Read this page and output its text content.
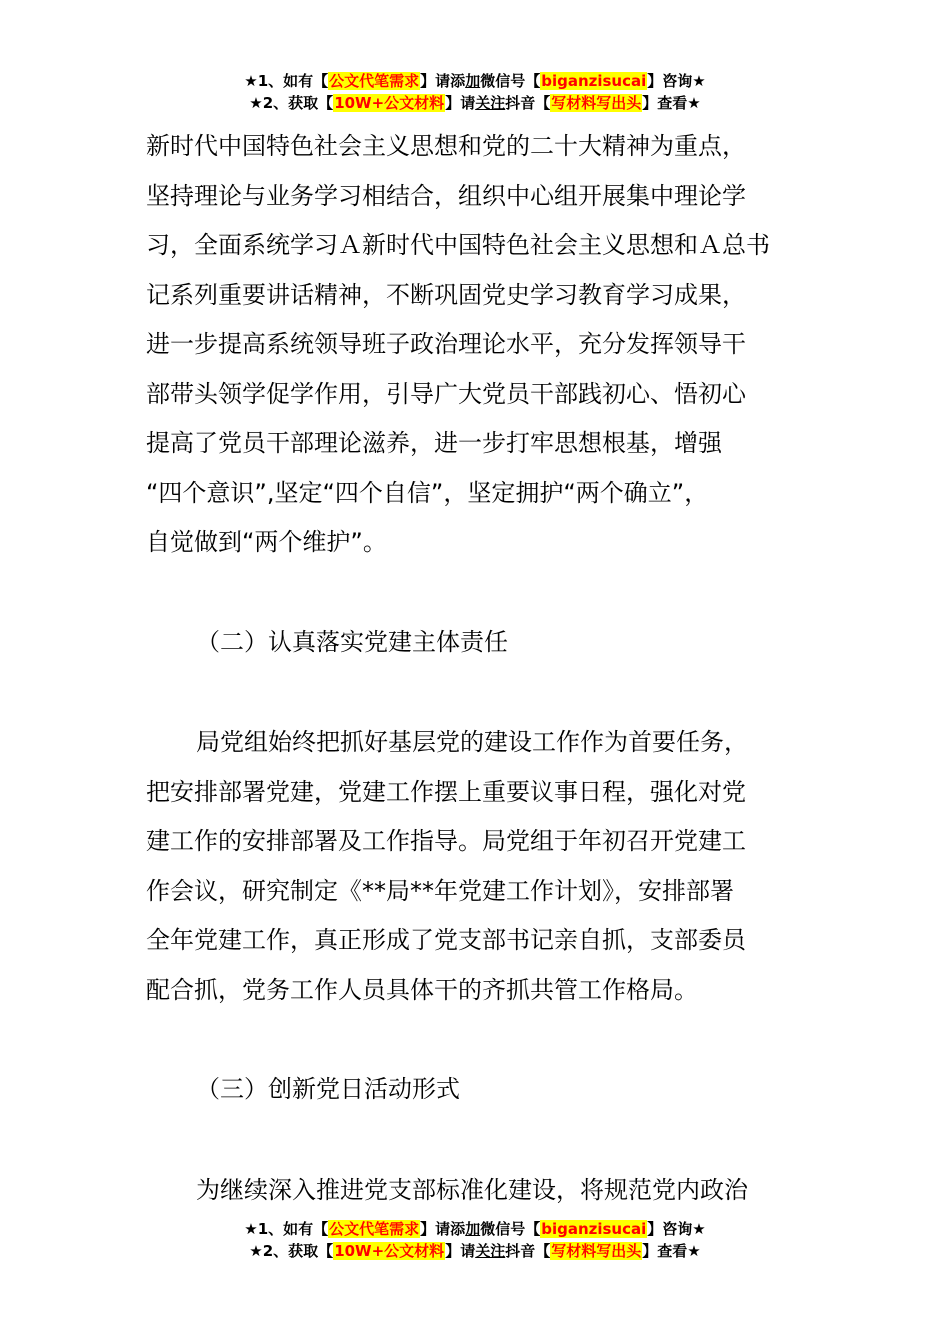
★1、如有【公文代笔需求】请添加微信号【biganzisucai】咨询★
★2、获取【10W+公文材料】请关注抖音【写材料写出头】查看★
新时代中国特色社会主义思想和党的二十大精神为重点，
坚持理论与业务学习相结合，组织中心组开展集中理论学
习，全面系统学习Ａ新时代中国特色社会主义思想和Ａ总书
记系列重要讲话精神，不断巩固党史学习教育学习成果，
进一步提高系统领导班子政治理论水平，充分发挥领导干
部带头领学促学作用，引导广大党员干部践初心、悟初心
提高了党员干部理论滋养，进一步打牢思想根基，增强
“四个意识”,坚定“四个自信”，坚定拥护“两个确立”，
自觉做到“两个维护”。
（二）认真落实党建主体责任
局党组始终把抓好基层党的建设工作作为首要任务，
把安排部署党建，党建工作摆上重要议事日程，强化对党
建工作的安排部署及工作指导。局党组于年初召开党建工
作会议，研究制定《**局**年党建工作计划》，安排部署
全年党建工作，真正形成了党支部书记亲自抓，支部委员
配合抓，党务工作人员具体干的齐抓共管工作格局。
（三）创新党日活动形式
为继续深入推进党支部标准化建设，将规范党内政治
★1、如有【公文代笔需求】请添加微信号【biganzisucai】咨询★
★2、获取【10W+公文材料】请关注抖音【写材料写出头】查看★
